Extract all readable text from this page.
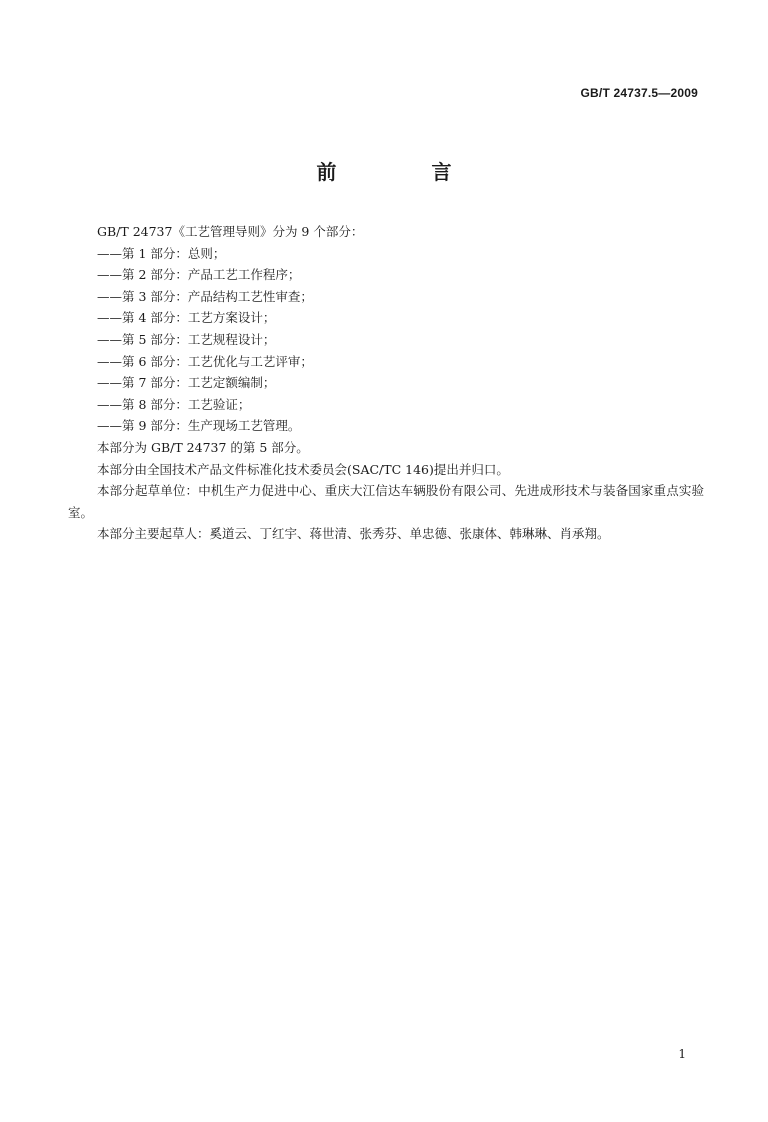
GB/T 24737.5—2009
前 言
GB/T 24737《工艺管理导则》分为 9 个部分：
——第 1 部分：总则；
——第 2 部分：产品工艺工作程序；
——第 3 部分：产品结构工艺性审查；
——第 4 部分：工艺方案设计；
——第 5 部分：工艺规程设计；
——第 6 部分：工艺优化与工艺评审；
——第 7 部分：工艺定额编制；
——第 8 部分：工艺验证；
——第 9 部分：生产现场工艺管理。
本部分为 GB/T 24737 的第 5 部分。
本部分由全国技术产品文件标准化技术委员会(SAC/TC 146)提出并归口。
本部分起草单位：中机生产力促进中心、重庆大江信达车辆股份有限公司、先进成形技术与装备国家重点实验室。
本部分主要起草人：奚道云、丁红宇、蒋世清、张秀芬、单忠德、张康体、韩琳琳、肖承翔。
1
